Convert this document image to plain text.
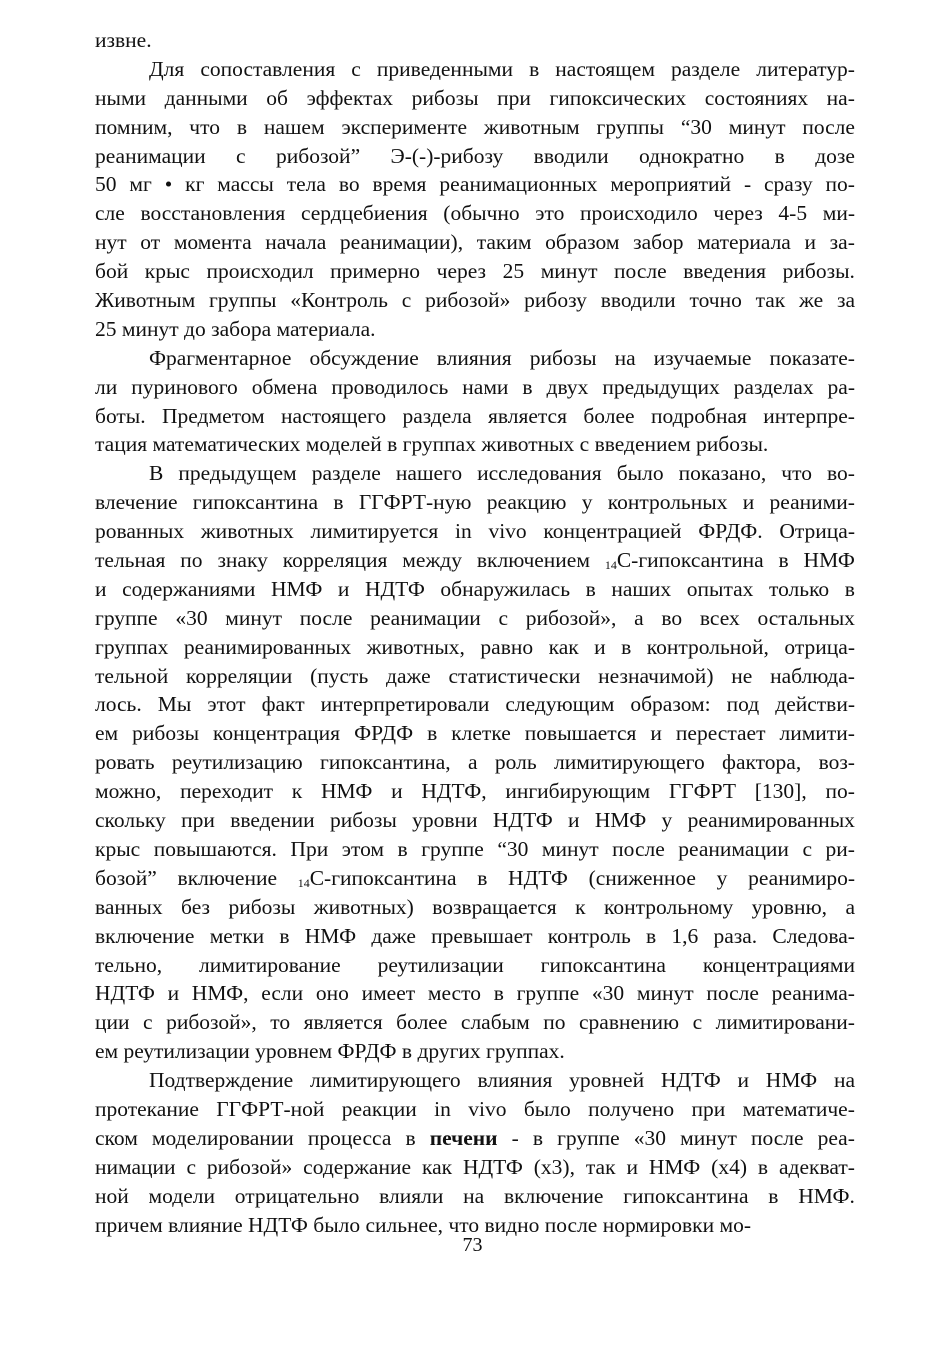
извне.
Для сопоставления с приведенными в настоящем разделе литератур-
ными данными об эффектах рибозы при гипоксических состояниях на-
помним, что в нашем эксперименте животным группы “30 минут после
реанимации с рибозой” Э-(-)-рибозу вводили однократно в дозе
50 мг • кг массы тела во время реанимационных мероприятий - сразу по-
сле восстановления сердцебиения (обычно это происходило через 4-5 ми-
нут от момента начала реанимации), таким образом забор материала и за-
бой крыс происходил примерно через 25 минут после введения рибозы.
Животным группы «Контроль с рибозой» рибозу вводили точно так же за
25
минут
до
забора
материала.
Фрагментарное обсуждение влияния рибозы на изучаемые показате-
ли пуринового обмена проводилось нами в двух предыдущих разделах ра-
боты. Предметом настоящего раздела является более подробная интерпре-
тация
математических
моделей
в
группах
животных
с
введением
рибозы.
В предыдущем разделе нашего исследования было показано, что во-
влечение гипоксантина в ГГФРТ-ную реакцию у контрольных и реаними-
рованных животных лимитируется in vivo концентрацией ФРДФ. Отрица-
тельная по знаку корреляция между включением 14С-гипоксантина в НМФ
и содержаниями НМФ и НДТФ обнаружилась в наших опытах только в
группе «30 минут после реанимации с рибозой», а во всех остальных
группах реанимированных животных, равно как и в контрольной, отрица-
тельной корреляции (пусть даже статистически незначимой) не наблюда-
лось. Мы этот факт интерпретировали следующим образом: под действи-
ем рибозы концентрация ФРДФ в клетке повышается и перестает лимити-
ровать реутилизацию гипоксантина, а роль лимитирующего фактора, воз-
можно, переходит к НМФ и НДТФ, ингибирующим ГГФРТ [130], по-
скольку при введении рибозы уровни НДТФ и НМФ у реанимированных
крыс повышаются. При этом в группе “30 минут после реанимации с ри-
бозой” включение 14С-гипоксантина в НДТФ (сниженное у реанимиро-
ванных без рибозы животных) возвращается к контрольному уровню, а
включение метки в НМФ даже превышает контроль в 1,6 раза. Следова-
тельно, лимитирование реутилизации гипоксантина концентрациями
НДТФ и НМФ, если оно имеет место в группе «30 минут после реанима-
ции с рибозой», то является более слабым по сравнению с лимитировани-
ем
реутилизации
уровнем
ФРДФ
в
других
группах.
Подтверждение лимитирующего влияния уровней НДТФ и НМФ на
протекание ГГФРТ-ной реакции in vivo было получено при математиче-
ском моделировании процесса в печени - в группе «30 минут после реа-
нимации с рибозой» содержание как НДТФ (х3), так и НМФ (х4) в адекват-
ной модели отрицательно влияли на включение гипоксантина в НМФ.
причем
влияние
НДТФ
было
сильнее,
что
видно
после
нормировки
мо-
73
